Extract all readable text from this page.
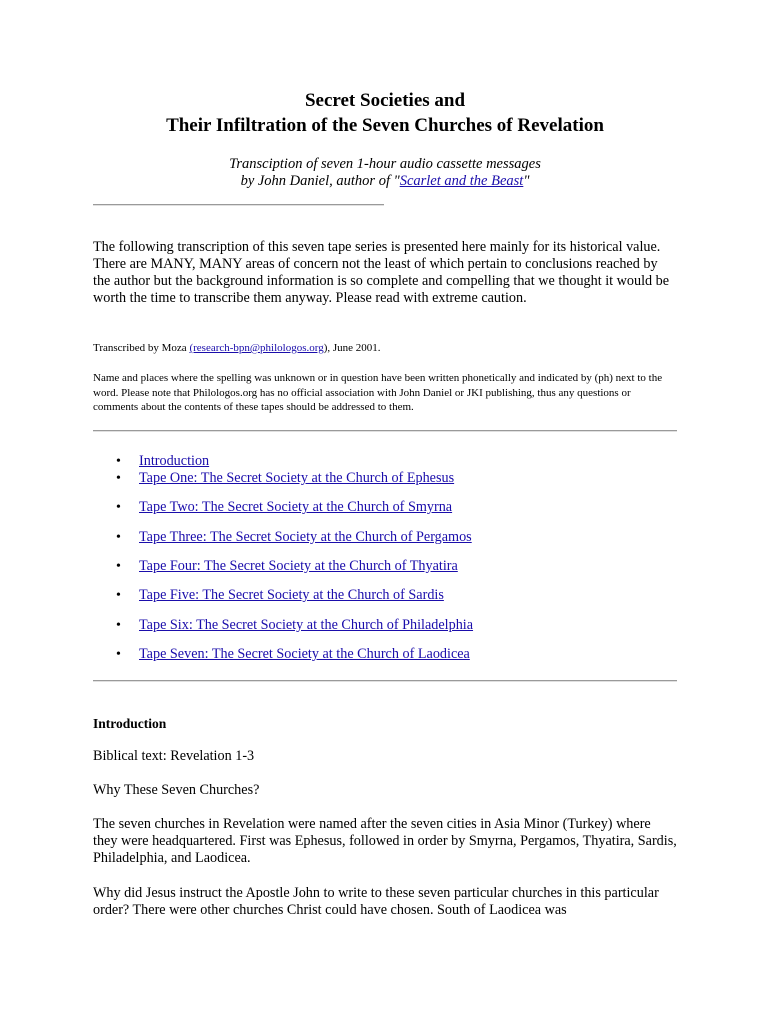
Secret Societies and
Their Infiltration of the Seven Churches of Revelation
Transciption of seven 1-hour audio cassette messages
by John Daniel, author of "Scarlet and the Beast"

The following transcription of this seven tape series is presented here mainly for its historical value. There are MANY, MANY areas of concern not the least of which pertain to conclusions reached by the author but the background information is so complete and compelling that we thought it would be worth the time to transcribe them anyway. Please read with extreme caution.

Transcribed by Moza (research-bpn@philologos.org), June 2001.

Name and places where the spelling was unknown or in question have been written phonetically and indicated by (ph) next to the word. Please note that Philologos.org has no official association with John Daniel or JKI publishing, thus any questions or comments about the contents of these tapes should be addressed to them.

• Introduction
• Tape One: The Secret Society at the Church of Ephesus
• Tape Two: The Secret Society at the Church of Smyrna
• Tape Three: The Secret Society at the Church of Pergamos
• Tape Four: The Secret Society at the Church of Thyatira
• Tape Five: The Secret Society at the Church of Sardis
• Tape Six: The Secret Society at the Church of Philadelphia
• Tape Seven: The Secret Society at the Church of Laodicea

Introduction

Biblical text: Revelation 1-3

Why These Seven Churches?

The seven churches in Revelation were named after the seven cities in Asia Minor (Turkey) where they were headquartered. First was Ephesus, followed in order by Smyrna, Pergamos, Thyatira, Sardis, Philadelphia, and Laodicea.

Why did Jesus instruct the Apostle John to write to these seven particular churches in this particular order? There were other churches Christ could have chosen. South of Laodicea was
